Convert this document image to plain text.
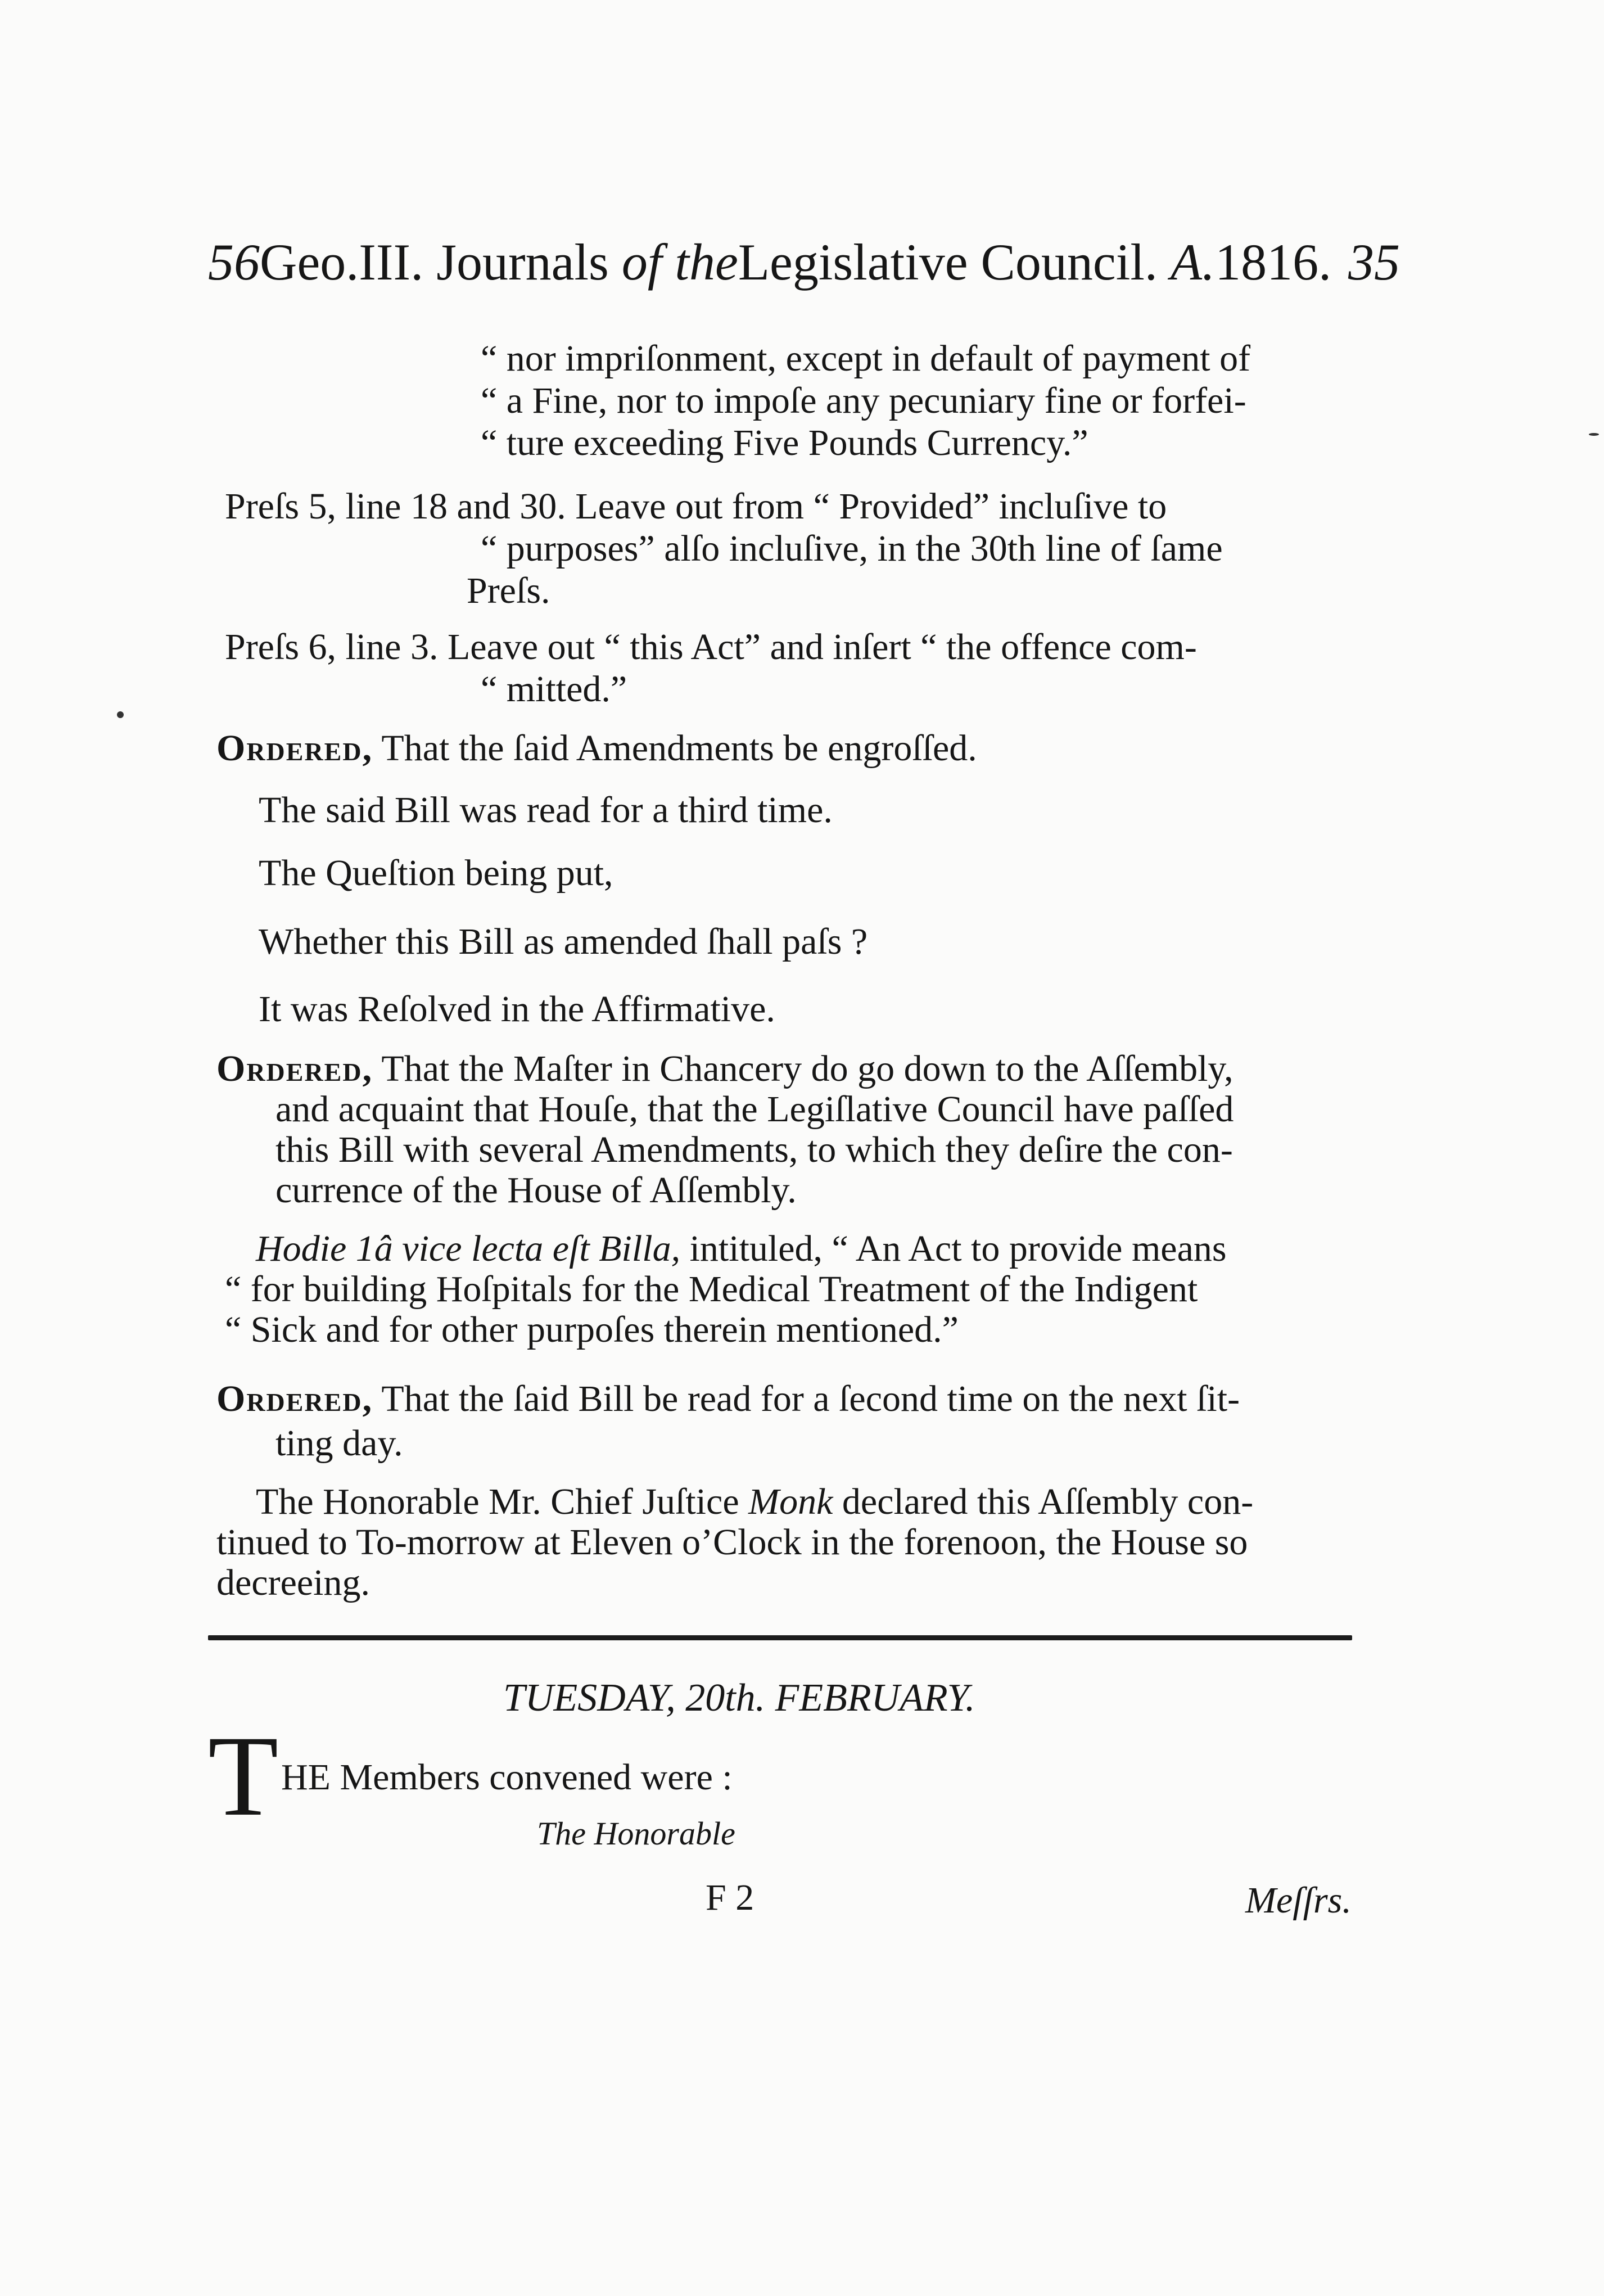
56Geo.III. Journals of theLegislative Council. A.1816. 35
“ nor impriſonment, except in default of payment of
“ a Fine, nor to impoſe any pecuniary fine or forfei-
“ ture exceeding Five Pounds Currency.”
Preſs 5, line 18 and 30. Leave out from “ Provided” incluſive to
“ purposes” alſo incluſive, in the 30th line of ſame
Preſs.
Preſs 6, line 3. Leave out “ this Act” and inſert “ the offence com-
“ mitted.”
Ordered, That the ſaid Amendments be engroſſed.
The said Bill was read for a third time.
The Queſtion being put,
Whether this Bill as amended ſhall paſs ?
It was Reſolved in the Affirmative.
Ordered, That the Maſter in Chancery do go down to the Aſſembly,
and acquaint that Houſe, that the Legiſlative Council have paſſed
this Bill with several Amendments, to which they deſire the con-
currence of the House of Aſſembly.
Hodie 1â vice lecta eſt Billa, intituled, “ An Act to provide means
“ for building Hoſpitals for the Medical Treatment of the Indigent
“ Sick and for other purpoſes therein mentioned.”
Ordered, That the ſaid Bill be read for a ſecond time on the next ſit-
ting day.
The Honorable Mr. Chief Juſtice Monk declared this Aſſembly con-
tinued to To-morrow at Eleven o’Clock in the forenoon, the House so
decreeing.
TUESDAY, 20th. FEBRUARY.
T HE Members convened were :
The Honorable
F 2	Meſſrs.
